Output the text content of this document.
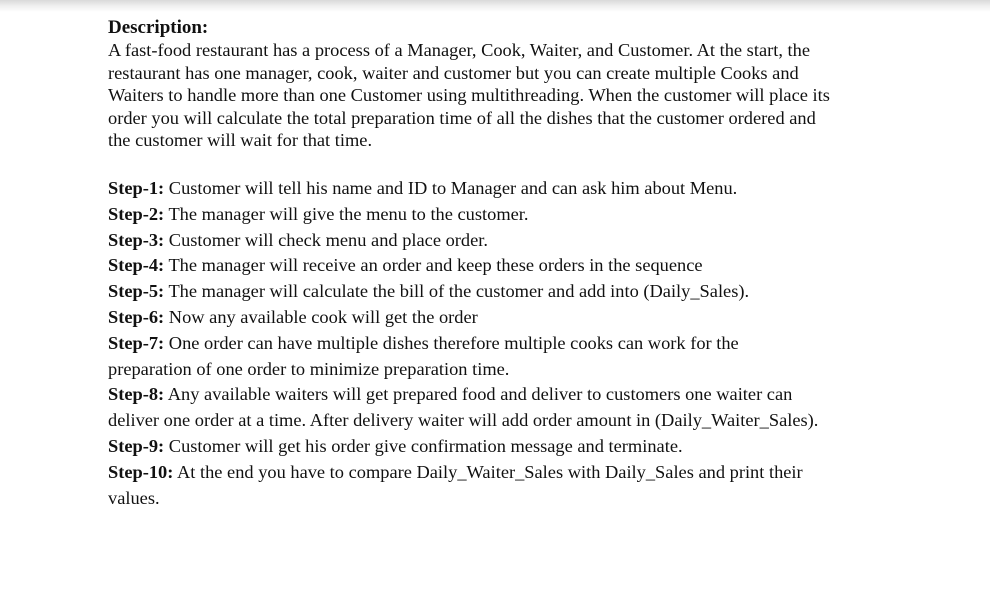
Description:

A fast-food restaurant has a process of a Manager, Cook, Waiter, and Customer. At the start, the
restaurant has one manager, cook, waiter and customer but you can create multiple Cooks and
Waiters to handle more than one Customer using multithreading. When the customer will place its
order you will calculate the total preparation time of all the dishes that the customer ordered and
the customer will wait for that time.
Step-1: Customer will tell his name and ID to Manager and can ask him about Menu.
Step-2: The manager will give the menu to the customer.
Step-3: Customer will check menu and place order.
Step-4: The manager will receive an order and keep these orders in the sequence
Step-5: The manager will calculate the bill of the customer and add into (Daily_Sales).
Step-6: Now any available cook will get the order
Step-7: One order can have multiple dishes therefore multiple cooks can work for the
preparation of one order to minimize preparation time.
Step-8: Any available waiters will get prepared food and deliver to customers one waiter can
deliver one order at a time. After delivery waiter will add order amount in (Daily_Waiter_Sales).
Step-9: Customer will get his order give confirmation message and terminate.
Step-10: At the end you have to compare Daily_Waiter_Sales with Daily_Sales and print their
values.
